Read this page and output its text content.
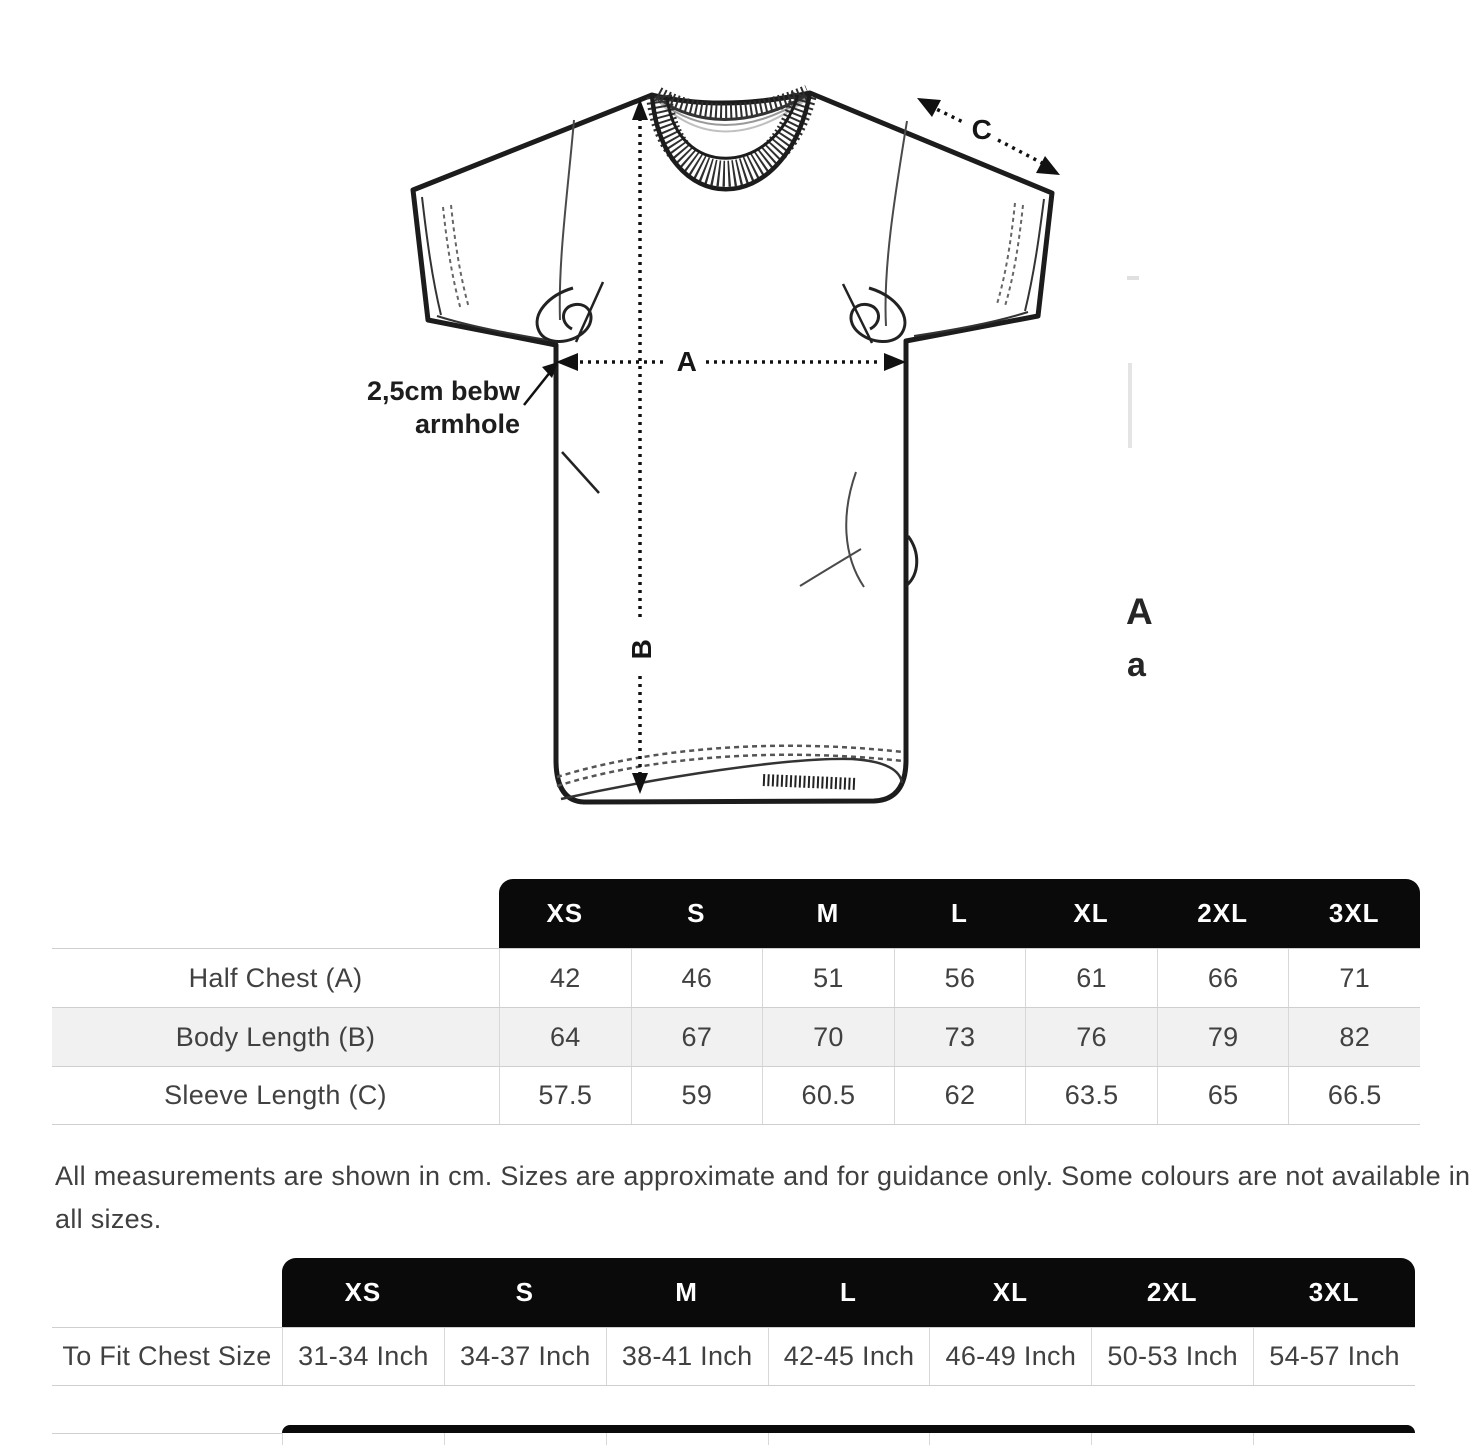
B
A
C
2,5cm bebw
armhole
A
a
XS	S	M	L	XL	2XL	3XL
Half Chest (A)	42	46	51	56	61	66	71
Body Length (B)	64	67	70	73	76	79	82
Sleeve Length (C)	57.5	59	60.5	62	63.5	65	66.5
All measurements are shown in cm. Sizes are approximate and for guidance only. Some colours are not available in
all sizes.
XS	S	M	L	XL	2XL	3XL
To Fit Chest Size 31-34 Inch	34-37 Inch	38-41 Inch	42-45 Inch	46-49 Inch	50-53 Inch	54-57 Inch
